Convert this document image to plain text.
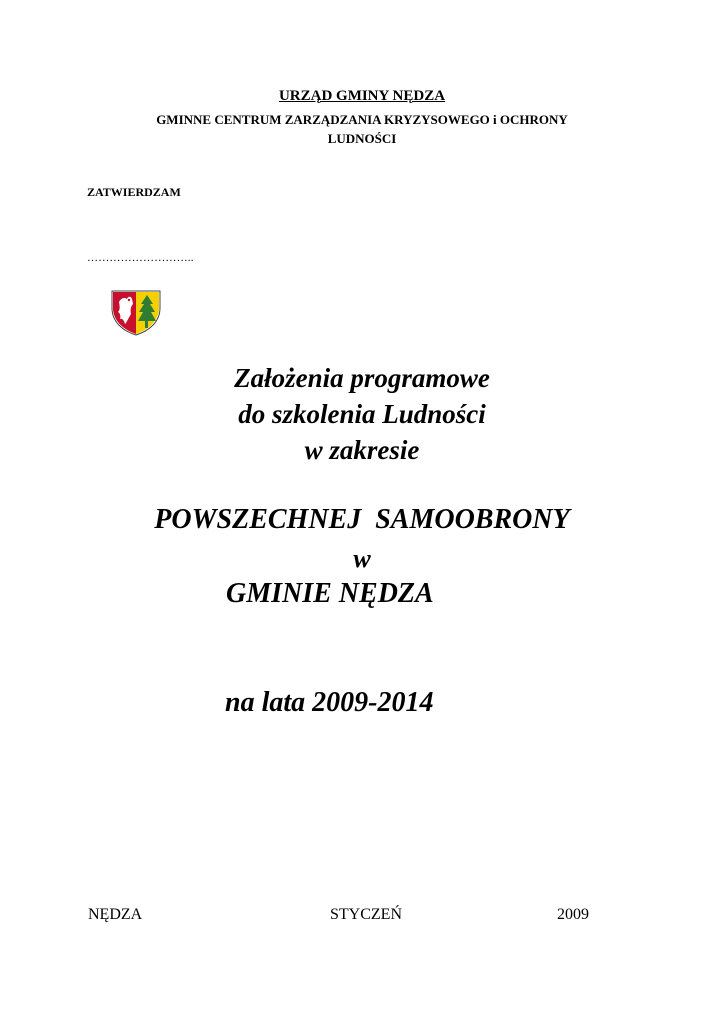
URZĄD GMINY NĘDZA
GMINNE CENTRUM ZARZĄDZANIA KRYZYSOWEGO i OCHRONY
LUDNOŚCI
ZATWIERDZAM
………………………..
Założenia programowe
do szkolenia Ludności
w zakresie
POWSZECHNEJ  SAMOOBRONY
w
GMINIE NĘDZA
na lata 2009-2014
NĘDZA	STYCZEŃ	2009
